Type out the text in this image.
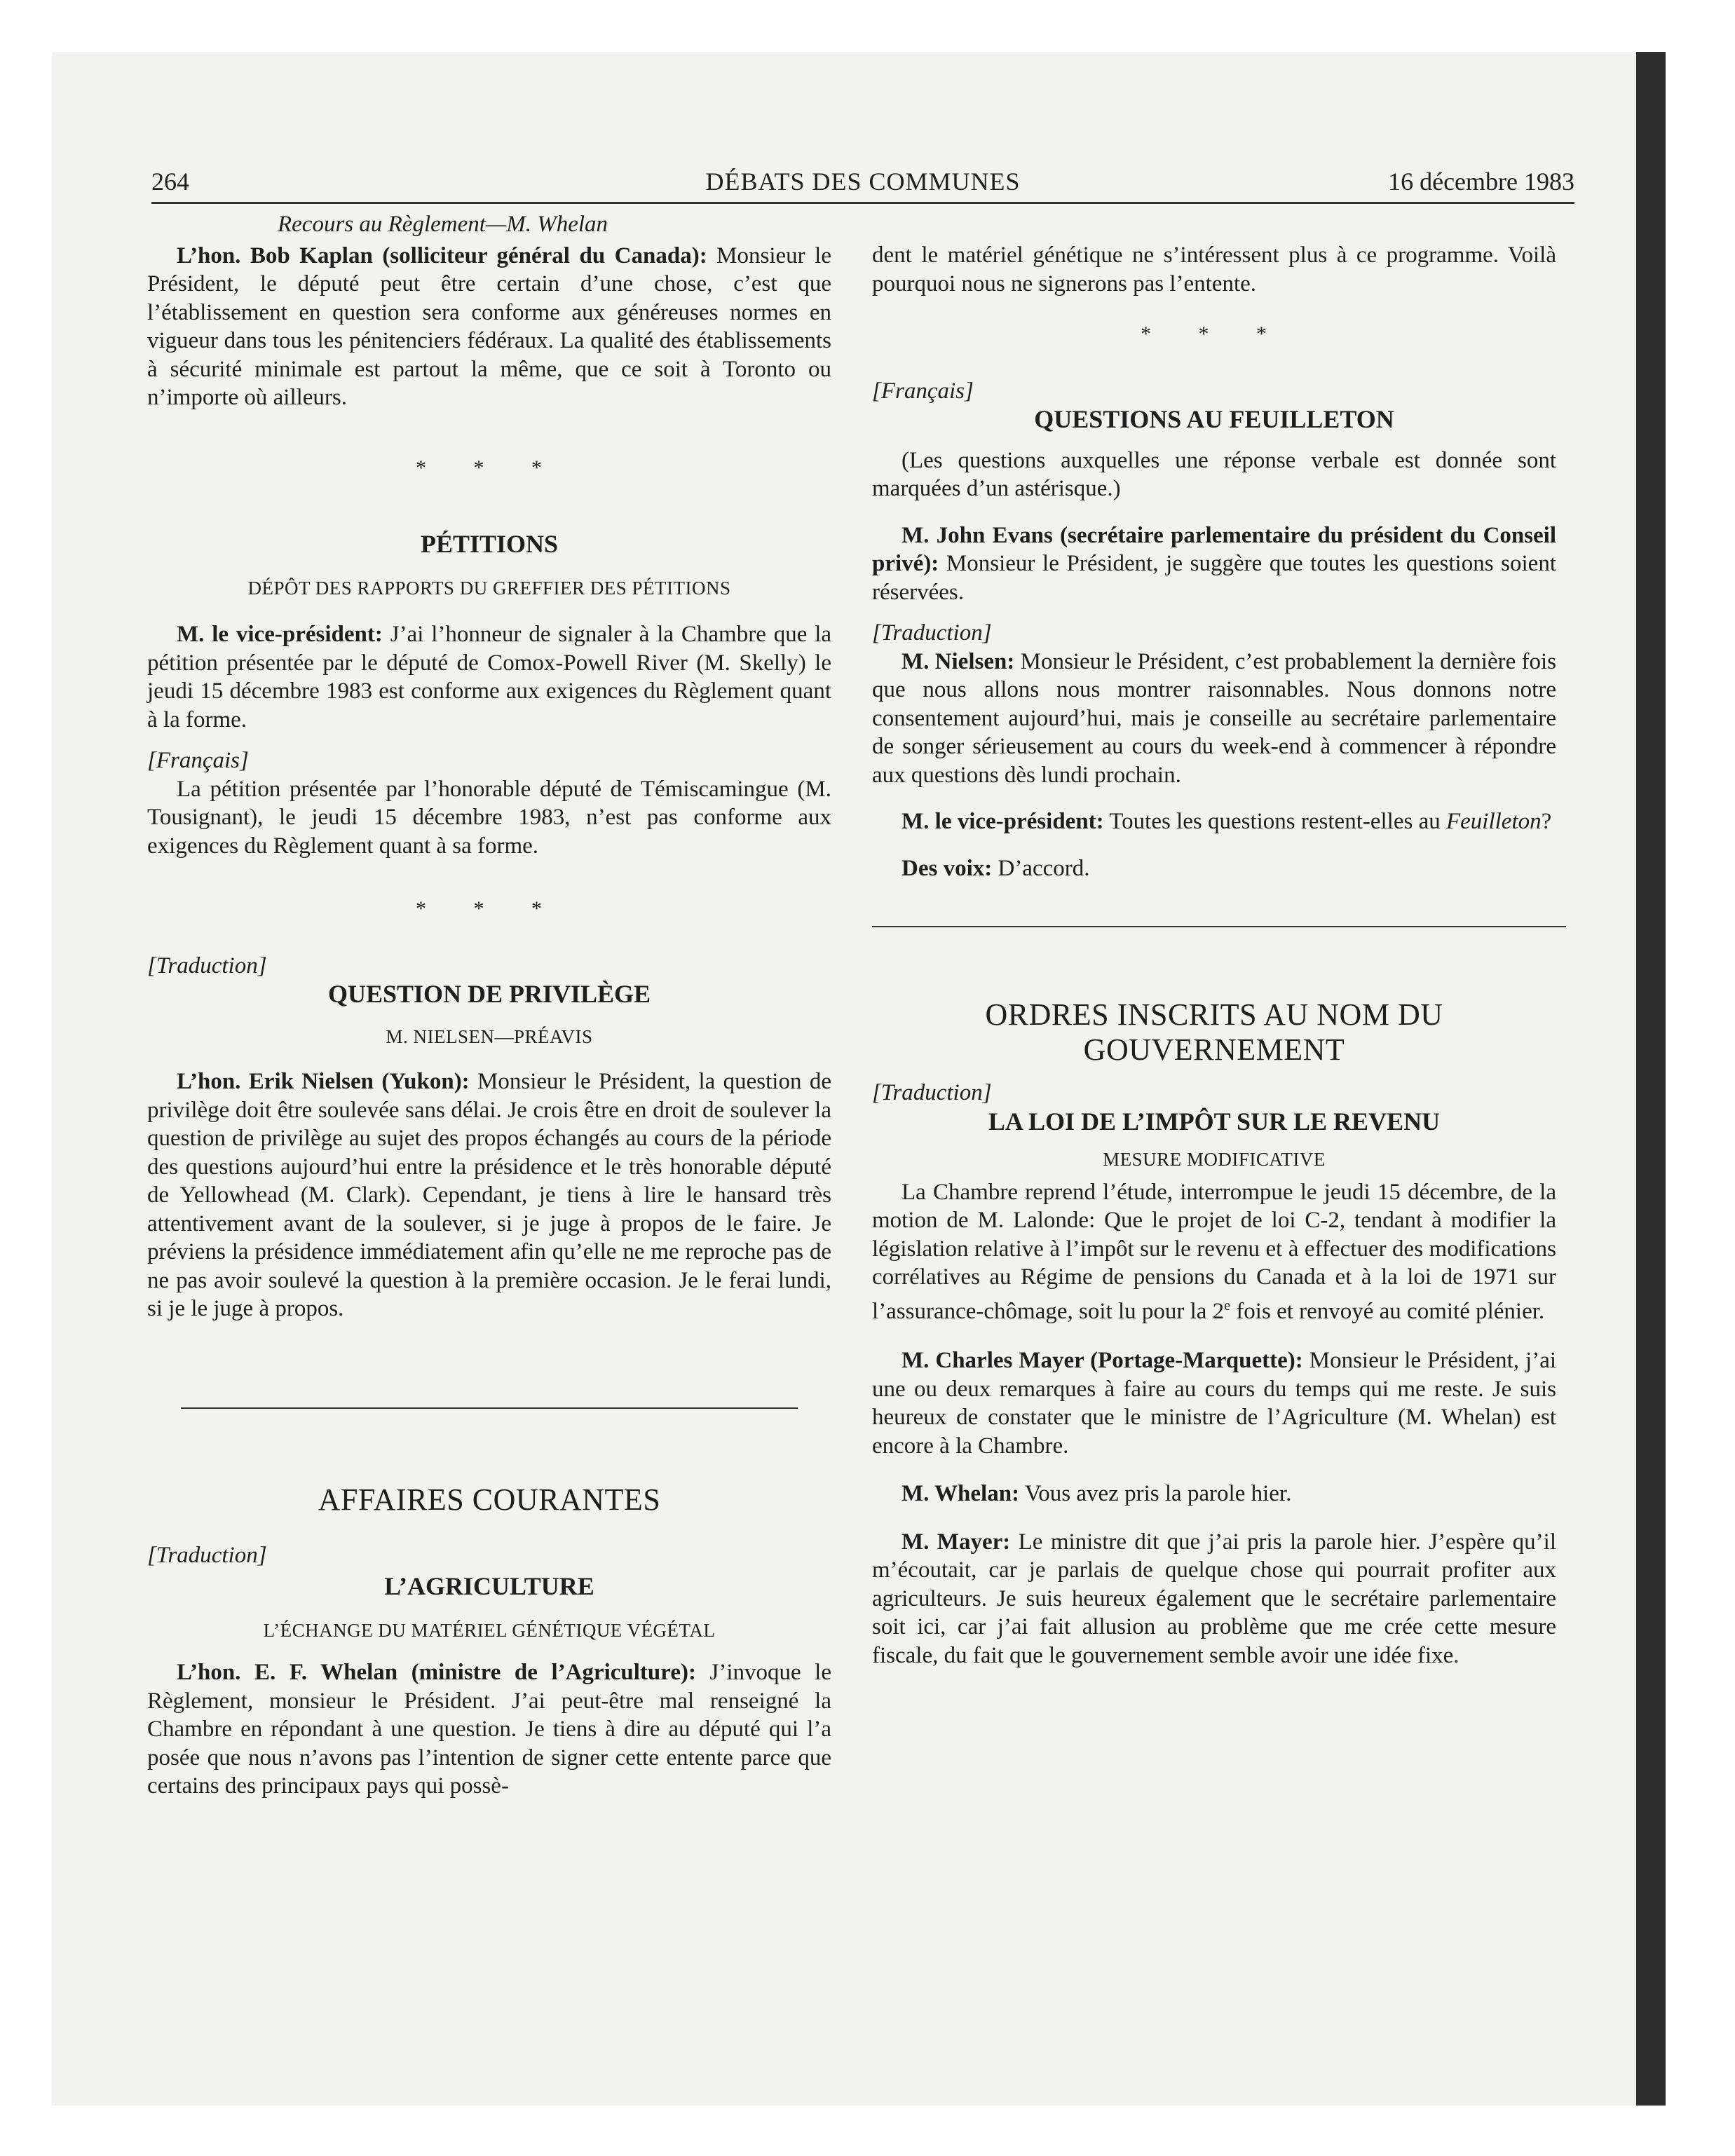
264	DÉBATS DES COMMUNES	16 décembre 1983

Recours au Règlement—M. Whelan

L’hon. Bob Kaplan (solliciteur général du Canada): Monsieur le Président, le député peut être certain d’une chose, c’est que l’établissement en question sera conforme aux généreuses normes en vigueur dans tous les pénitenciers fédéraux. La qualité des établissements à sécurité minimale est partout la même, que ce soit à Toronto ou n’importe où ailleurs.

* * *

PÉTITIONS

DÉPÔT DES RAPPORTS DU GREFFIER DES PÉTITIONS

M. le vice-président: J’ai l’honneur de signaler à la Chambre que la pétition présentée par le député de Comox-Powell River (M. Skelly) le jeudi 15 décembre 1983 est conforme aux exigences du Règlement quant à la forme.

[Français]

La pétition présentée par l’honorable député de Témiscamingue (M. Tousignant), le jeudi 15 décembre 1983, n’est pas conforme aux exigences du Règlement quant à sa forme.

* * *

[Traduction]

QUESTION DE PRIVILÈGE

M. NIELSEN—PRÉAVIS

L’hon. Erik Nielsen (Yukon): Monsieur le Président, la question de privilège doit être soulevée sans délai. Je crois être en droit de soulever la question de privilège au sujet des propos échangés au cours de la période des questions aujourd’hui entre la présidence et le très honorable député de Yellowhead (M. Clark). Cependant, je tiens à lire le hansard très attentivement avant de la soulever, si je juge à propos de le faire. Je préviens la présidence immédiatement afin qu’elle ne me reproche pas de ne pas avoir soulevé la question à la première occasion. Je le ferai lundi, si je le juge à propos.

AFFAIRES COURANTES

[Traduction]

L’AGRICULTURE

L’ÉCHANGE DU MATÉRIEL GÉNÉTIQUE VÉGÉTAL

L’hon. E. F. Whelan (ministre de l’Agriculture): J’invoque le Règlement, monsieur le Président. J’ai peut-être mal renseigné la Chambre en répondant à une question. Je tiens à dire au député qui l’a posée que nous n’avons pas l’intention de signer cette entente parce que certains des principaux pays qui possè-

dent le matériel génétique ne s’intéressent plus à ce programme. Voilà pourquoi nous ne signerons pas l’entente.

* * *

[Français]

QUESTIONS AU FEUILLETON

(Les questions auxquelles une réponse verbale est donnée sont marquées d’un astérisque.)

M. John Evans (secrétaire parlementaire du président du Conseil privé): Monsieur le Président, je suggère que toutes les questions soient réservées.

[Traduction]

M. Nielsen: Monsieur le Président, c’est probablement la dernière fois que nous allons nous montrer raisonnables. Nous donnons notre consentement aujourd’hui, mais je conseille au secrétaire parlementaire de songer sérieusement au cours du week-end à commencer à répondre aux questions dès lundi prochain.

M. le vice-président: Toutes les questions restent-elles au Feuilleton?

Des voix: D’accord.

ORDRES INSCRITS AU NOM DU

GOUVERNEMENT

[Traduction]

LA LOI DE L’IMPÔT SUR LE REVENU

MESURE MODIFICATIVE

La Chambre reprend l’étude, interrompue le jeudi 15 décembre, de la motion de M. Lalonde: Que le projet de loi C-2, tendant à modifier la législation relative à l’impôt sur le revenu et à effectuer des modifications corrélatives au Régime de pensions du Canada et à la loi de 1971 sur l’assurance-chômage, soit lu pour la 2e fois et renvoyé au comité plénier.

M. Charles Mayer (Portage-Marquette): Monsieur le Président, j’ai une ou deux remarques à faire au cours du temps qui me reste. Je suis heureux de constater que le ministre de l’Agriculture (M. Whelan) est encore à la Chambre.

M. Whelan: Vous avez pris la parole hier.

M. Mayer: Le ministre dit que j’ai pris la parole hier. J’espère qu’il m’écoutait, car je parlais de quelque chose qui pourrait profiter aux agriculteurs. Je suis heureux également que le secrétaire parlementaire soit ici, car j’ai fait allusion au problème que me crée cette mesure fiscale, du fait que le gouvernement semble avoir une idée fixe.
